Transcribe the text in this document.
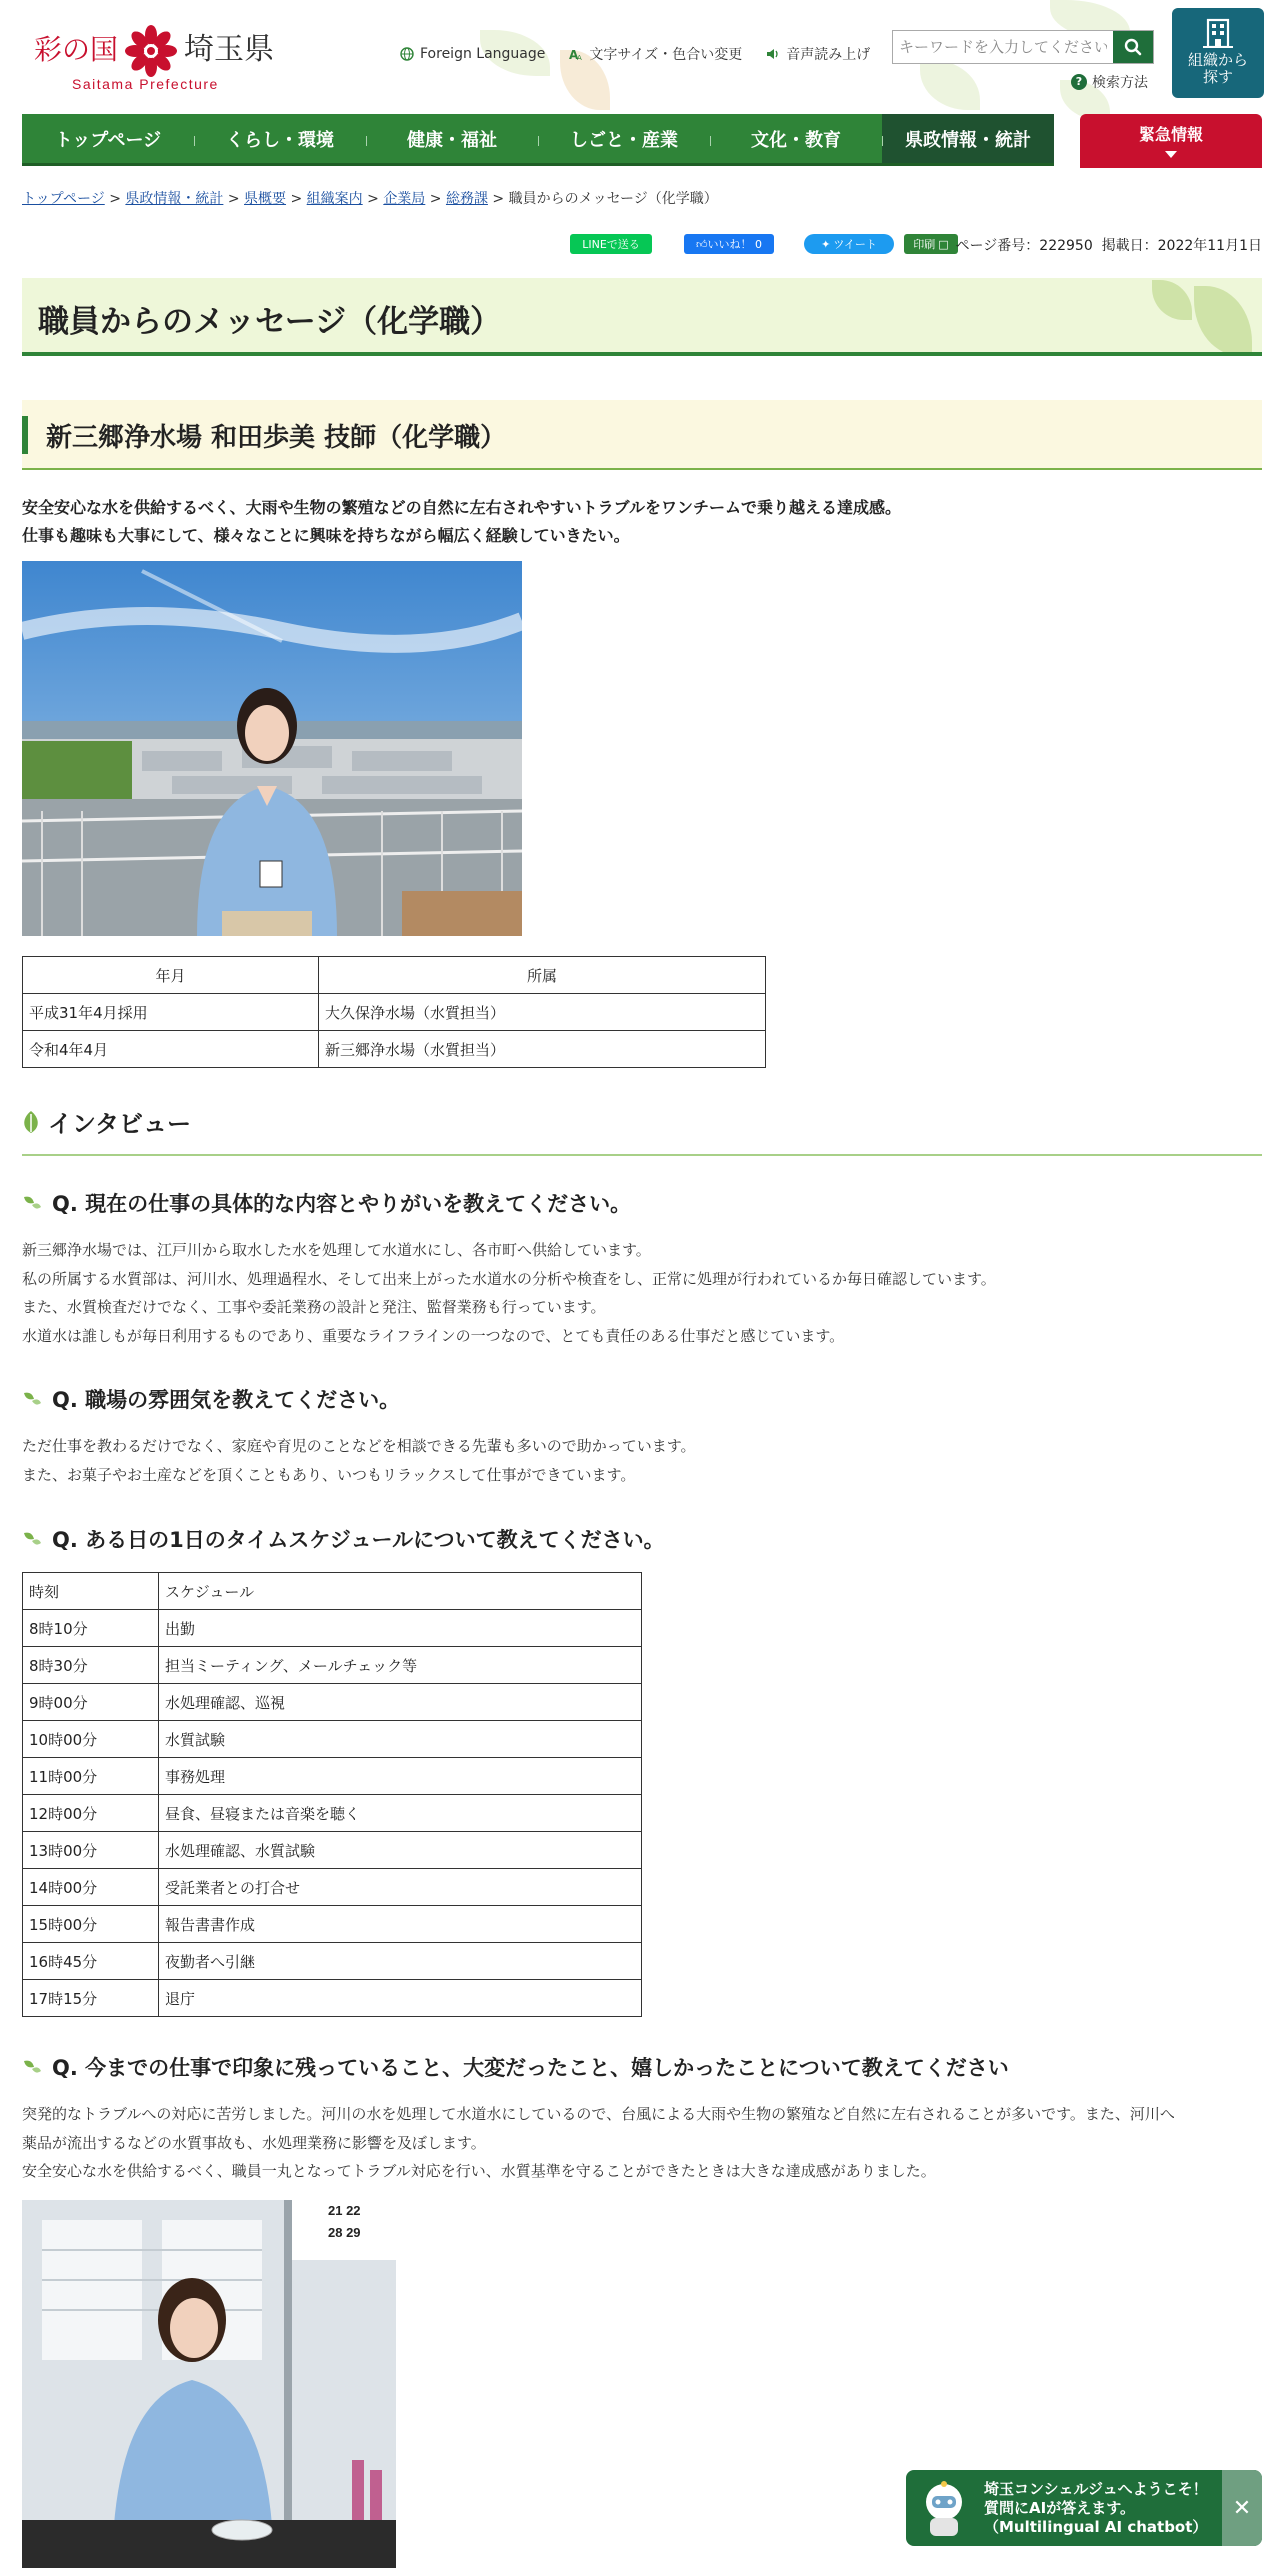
彩の国 埼玉県
Saitama Prefecture
Foreign Language A
A 文字サイズ・色合い変更	音声読み上げ
キーワードを入力してください
? 検索方法
組織から探す
トップページ	くらし・環境	健康・福祉	しごと・産業	文化・教育	県政情報・統計	緊急情報
トップページ > 県政情報・統計 > 県概要 > 組織案内 > 企業局 > 総務課 > 職員からのメッセージ（化学職）
LINEで送る	👍︎ いいね！ 0	✦ ツイート	印刷 □ ページ番号：222950 掲載日：2022年11月1日
職員からのメッセージ（化学職）
新三郷浄水場 和田歩美 技師（化学職）
安全安心な水を供給するべく、大雨や生物の繁殖などの自然に左右されやすいトラブルをワンチームで乗り越える達成感。
仕事も趣味も大事にして、様々なことに興味を持ちながら幅広く経験していきたい。
年月	所属
平成31年4月採用	大久保浄水場（水質担当）
令和4年4月	新三郷浄水場（水質担当）
インタビュー
Q. 現在の仕事の具体的な内容とやりがいを教えてください。
新三郷浄水場では、江戸川から取水した水を処理して水道水にし、各市町へ供給しています。
私の所属する水質部は、河川水、処理過程水、そして出来上がった水道水の分析や検査をし、正常に処理が行われているか毎日確認しています。
また、水質検査だけでなく、工事や委託業務の設計と発注、監督業務も行っています。
水道水は誰しもが毎日利用するものであり、重要なライフラインの一つなので、とても責任のある仕事だと感じています。
Q. 職場の雰囲気を教えてください。
ただ仕事を教わるだけでなく、家庭や育児のことなどを相談できる先輩も多いので助かっています。
また、お菓子やお土産などを頂くこともあり、いつもリラックスして仕事ができています。
Q. ある日の1日のタイムスケジュールについて教えてください。
時刻	スケジュール
8時10分	出勤
8時30分	担当ミーティング、メールチェック等
9時00分	水処理確認、巡視
10時00分	水質試験
11時00分	事務処理
12時00分	昼食、昼寝または音楽を聴く
13時00分	水処理確認、水質試験
14時00分	受託業者との打合せ
15時00分	報告書書作成
16時45分	夜勤者へ引継
17時15分	退庁
Q. 今までの仕事で印象に残っていること、大変だったこと、嬉しかったことについて教えてください
突発的なトラブルへの対応に苦労しました。河川の水を処理して水道水にしているので、台風による大雨や生物の繁殖など自然に左右されることが多いです。また、河川へ
薬品が流出するなどの水質事故も、水処理業務に影響を及ぼします。
安全安心な水を供給するべく、職員一丸となってトラブル対応を行い、水質基準を守ることができたときは大きな達成感がありました。
21 22
28 29
埼玉コンシェルジュへようこそ！
質問にAIが答えます。
（Multilingual AI chatbot）
✕
